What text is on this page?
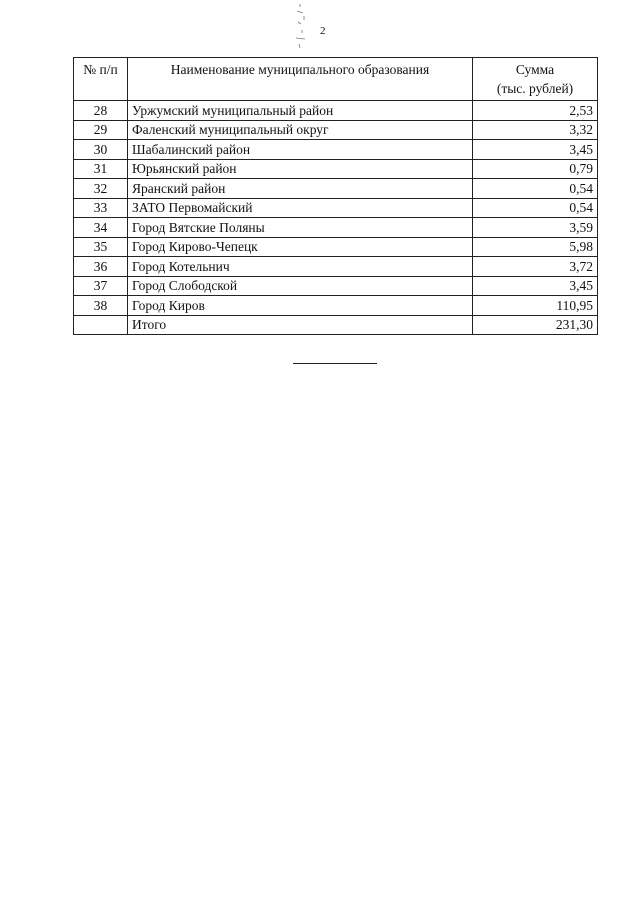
2
№ п/п	Наименование муниципального образования	Сумма
(тыс. рублей)

28	Уржумский муниципальный район	2,53
29	Фаленский муниципальный округ	3,32
30	Шабалинский район	3,45
31	Юрьянский район	0,79
32	Яранский район	0,54
33	ЗАТО Первомайский	0,54
34	Город Вятские Поляны	3,59
35	Город Кирово-Чепецк	5,98
36	Город Котельнич	3,72
37	Город Слободской	3,45
38	Город Киров	110,95
	Итого	231,30
